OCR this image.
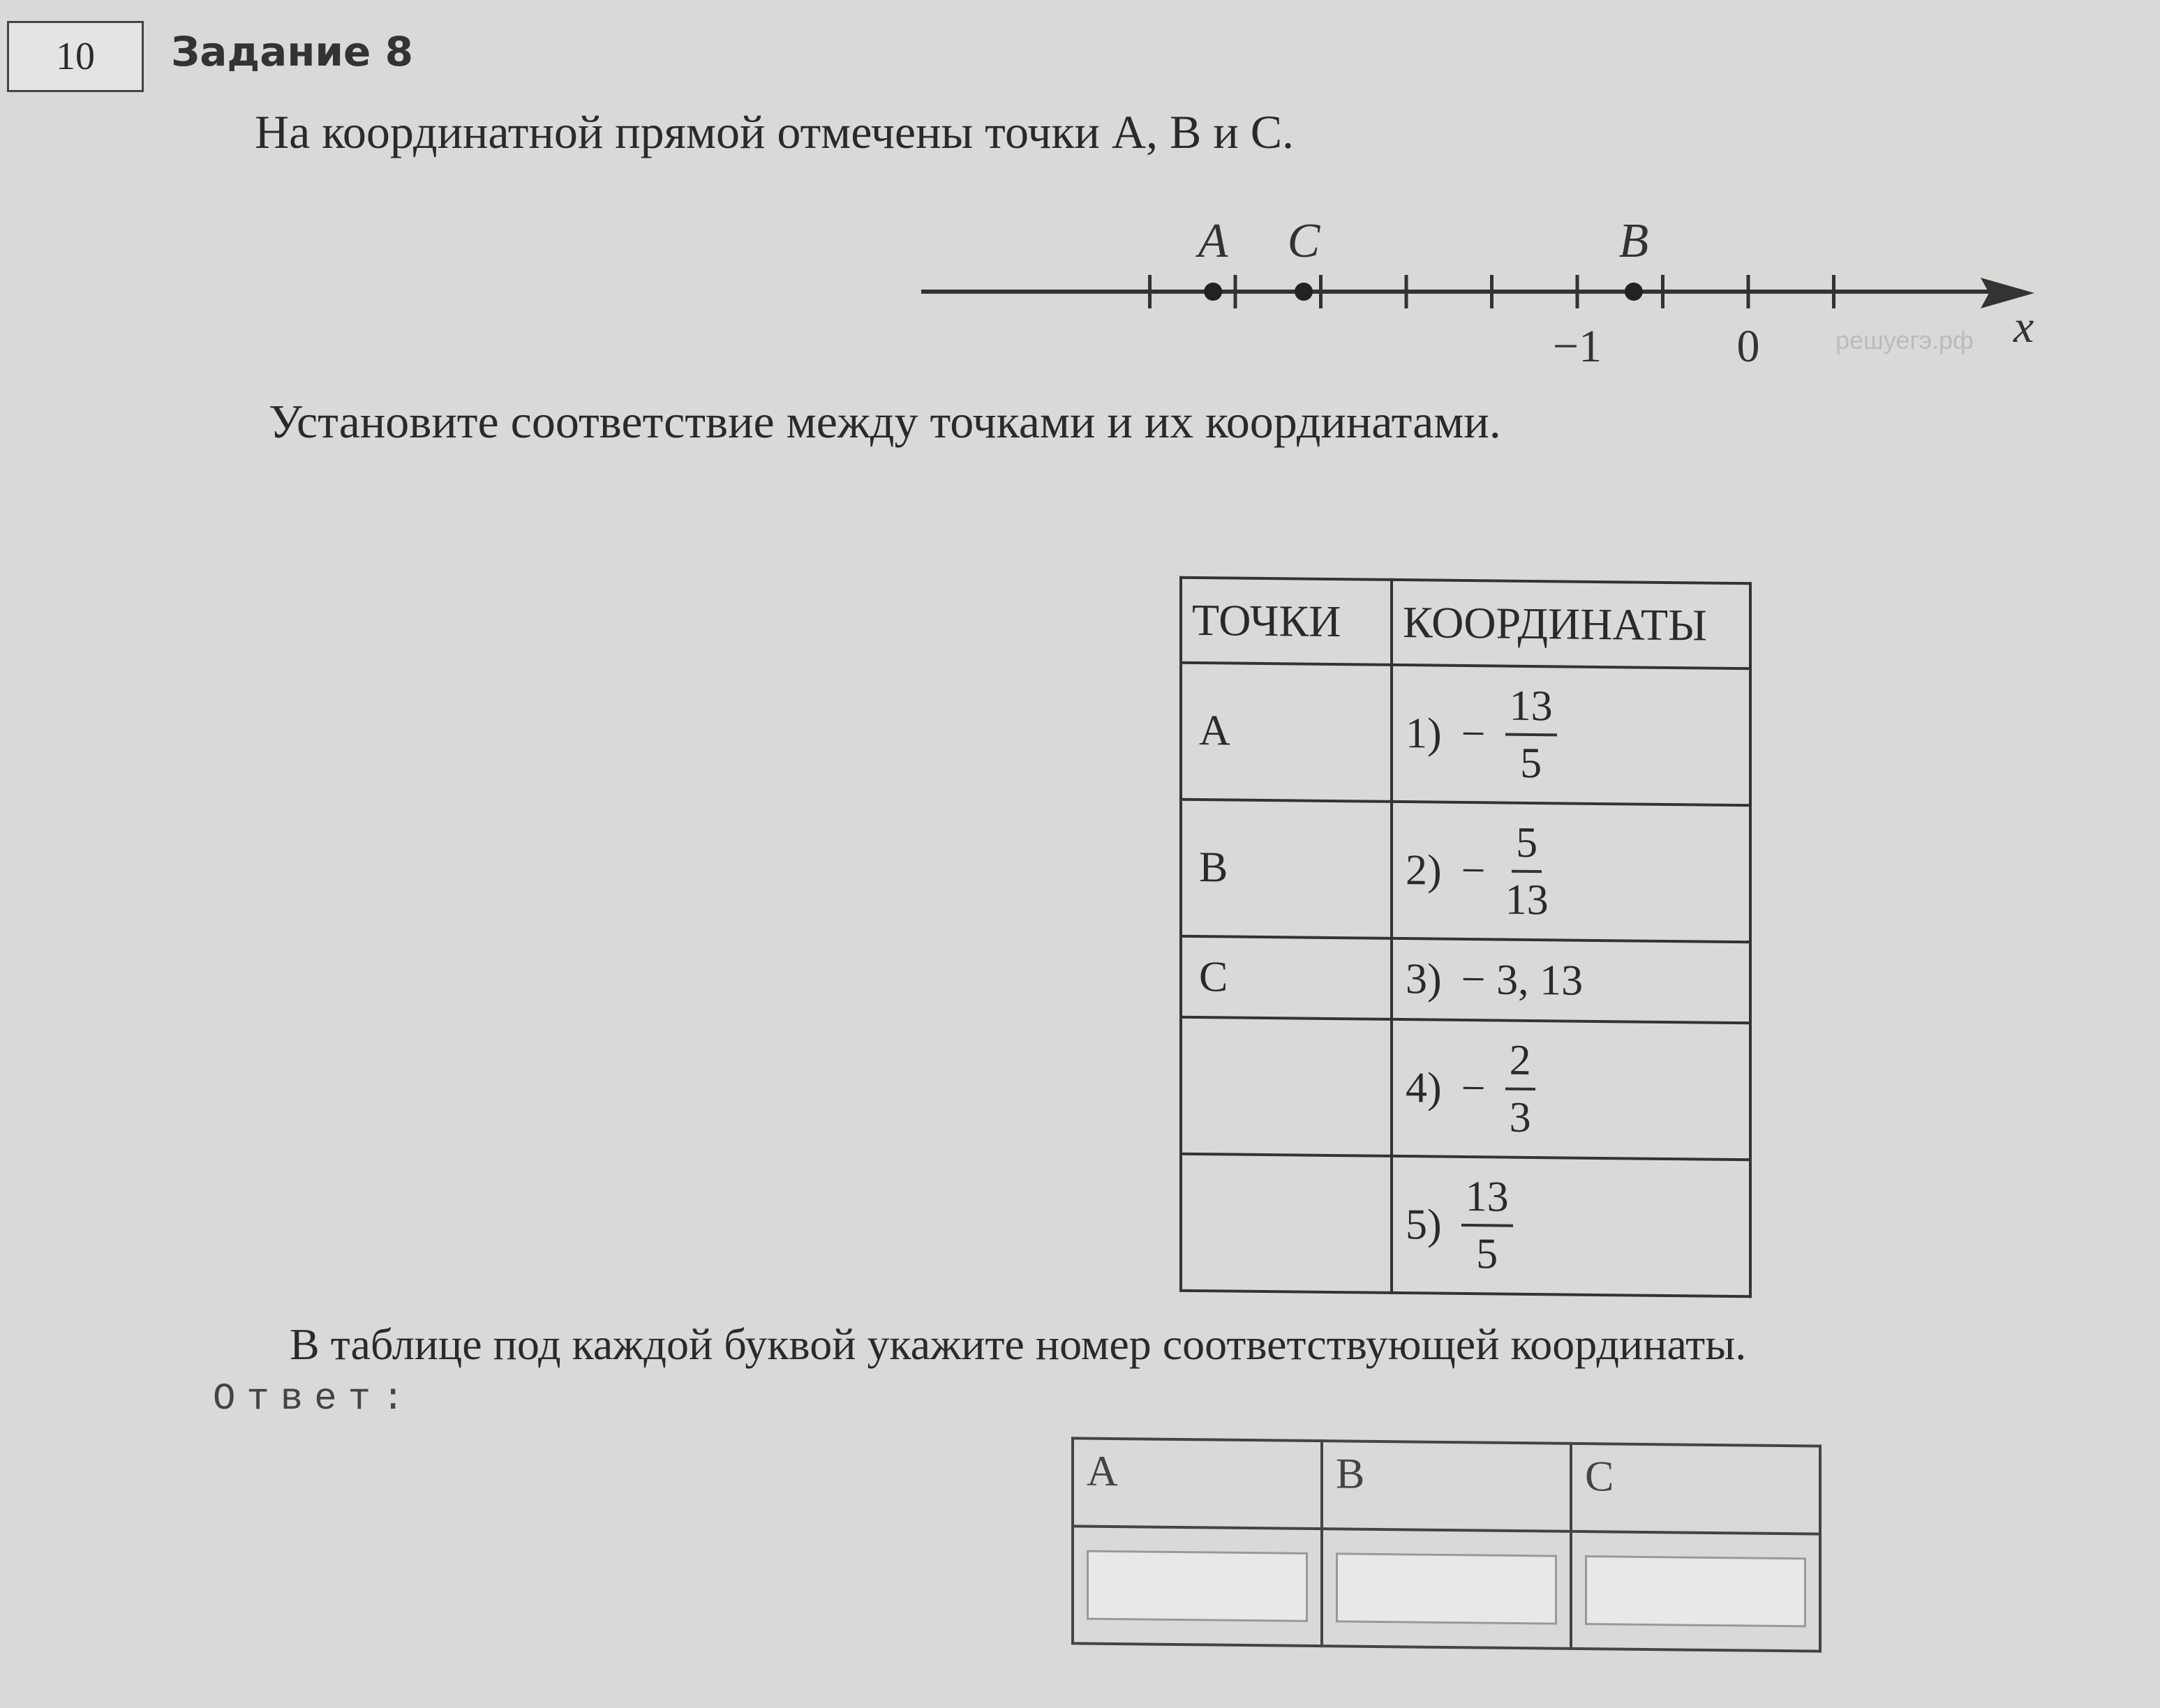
10 Задание 8
На координатной прямой отмечены точки A, B и C.
A C	B
−1	0	x
решуегэ.рф
Установите соответствие между точками и их координатами.
ТОЧКИ	КООРДИНАТЫ
A	$1) - \frac{13}{5}$

B	$2) - \frac{5}{13}$

C	3) − 3, 13

	$4) - \frac{2}{3}$

	$5) \frac{13}{5}$
В таблице под каждой буквой укажите номер соответствующей координаты.
Ответ:
A	B	C
